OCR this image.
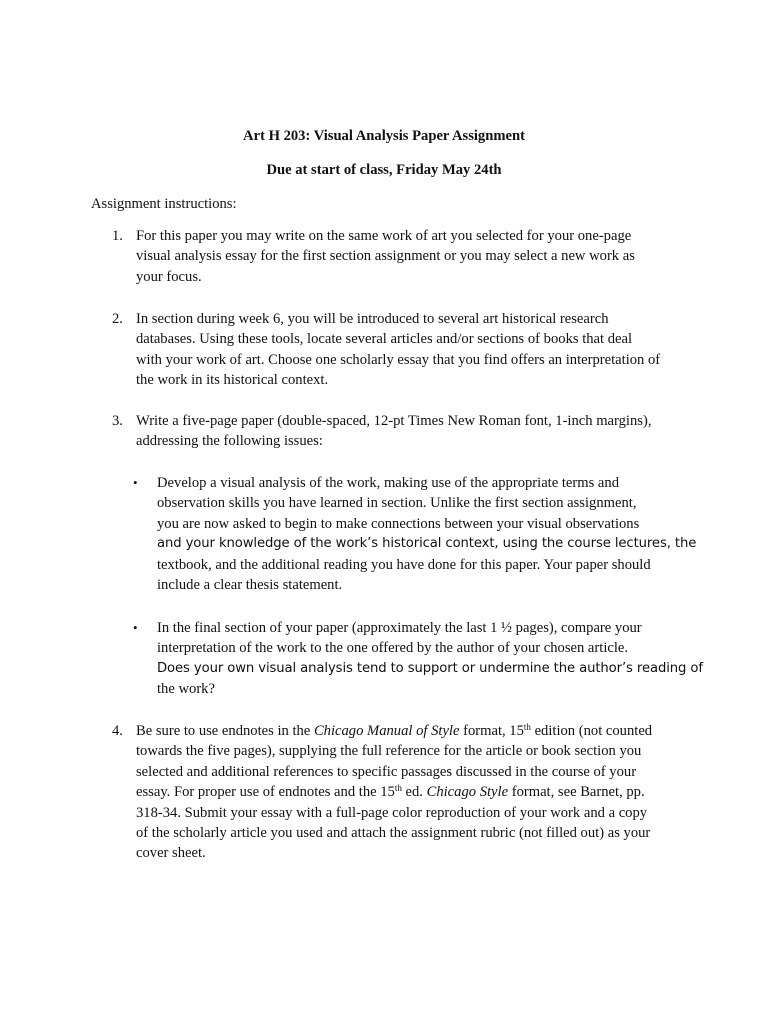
Art H 203: Visual Analysis Paper Assignment
Due at start of class, Friday May 24th
Assignment instructions:
1. For this paper you may write on the same work of art you selected for your one-page
visual analysis essay for the first section assignment or you may select a new work as
your focus.
2. In section during week 6, you will be introduced to several art historical research
databases. Using these tools, locate several articles and/or sections of books that deal
with your work of art. Choose one scholarly essay that you find offers an interpretation of
the work in its historical context.
3. Write a five-page paper (double-spaced, 12-pt Times New Roman font, 1-inch margins),
addressing the following issues:
• Develop a visual analysis of the work, making use of the appropriate terms and
observation skills you have learned in section. Unlike the first section assignment,
you are now asked to begin to make connections between your visual observations
and your knowledge of the work’s historical context, using the course lectures, the
textbook, and the additional reading you have done for this paper. Your paper should
include a clear thesis statement.
• In the final section of your paper (approximately the last 1 ½ pages), compare your
interpretation of the work to the one offered by the author of your chosen article.
Does your own visual analysis tend to support or undermine the author’s reading of
the work?
4. Be sure to use endnotes in the Chicago Manual of Style format, 15th edition (not counted
towards the five pages), supplying the full reference for the article or book section you
selected and additional references to specific passages discussed in the course of your
essay. For proper use of endnotes and the 15th ed. Chicago Style format, see Barnet, pp.
318-34. Submit your essay with a full-page color reproduction of your work and a copy
of the scholarly article you used and attach the assignment rubric (not filled out) as your
cover sheet.
